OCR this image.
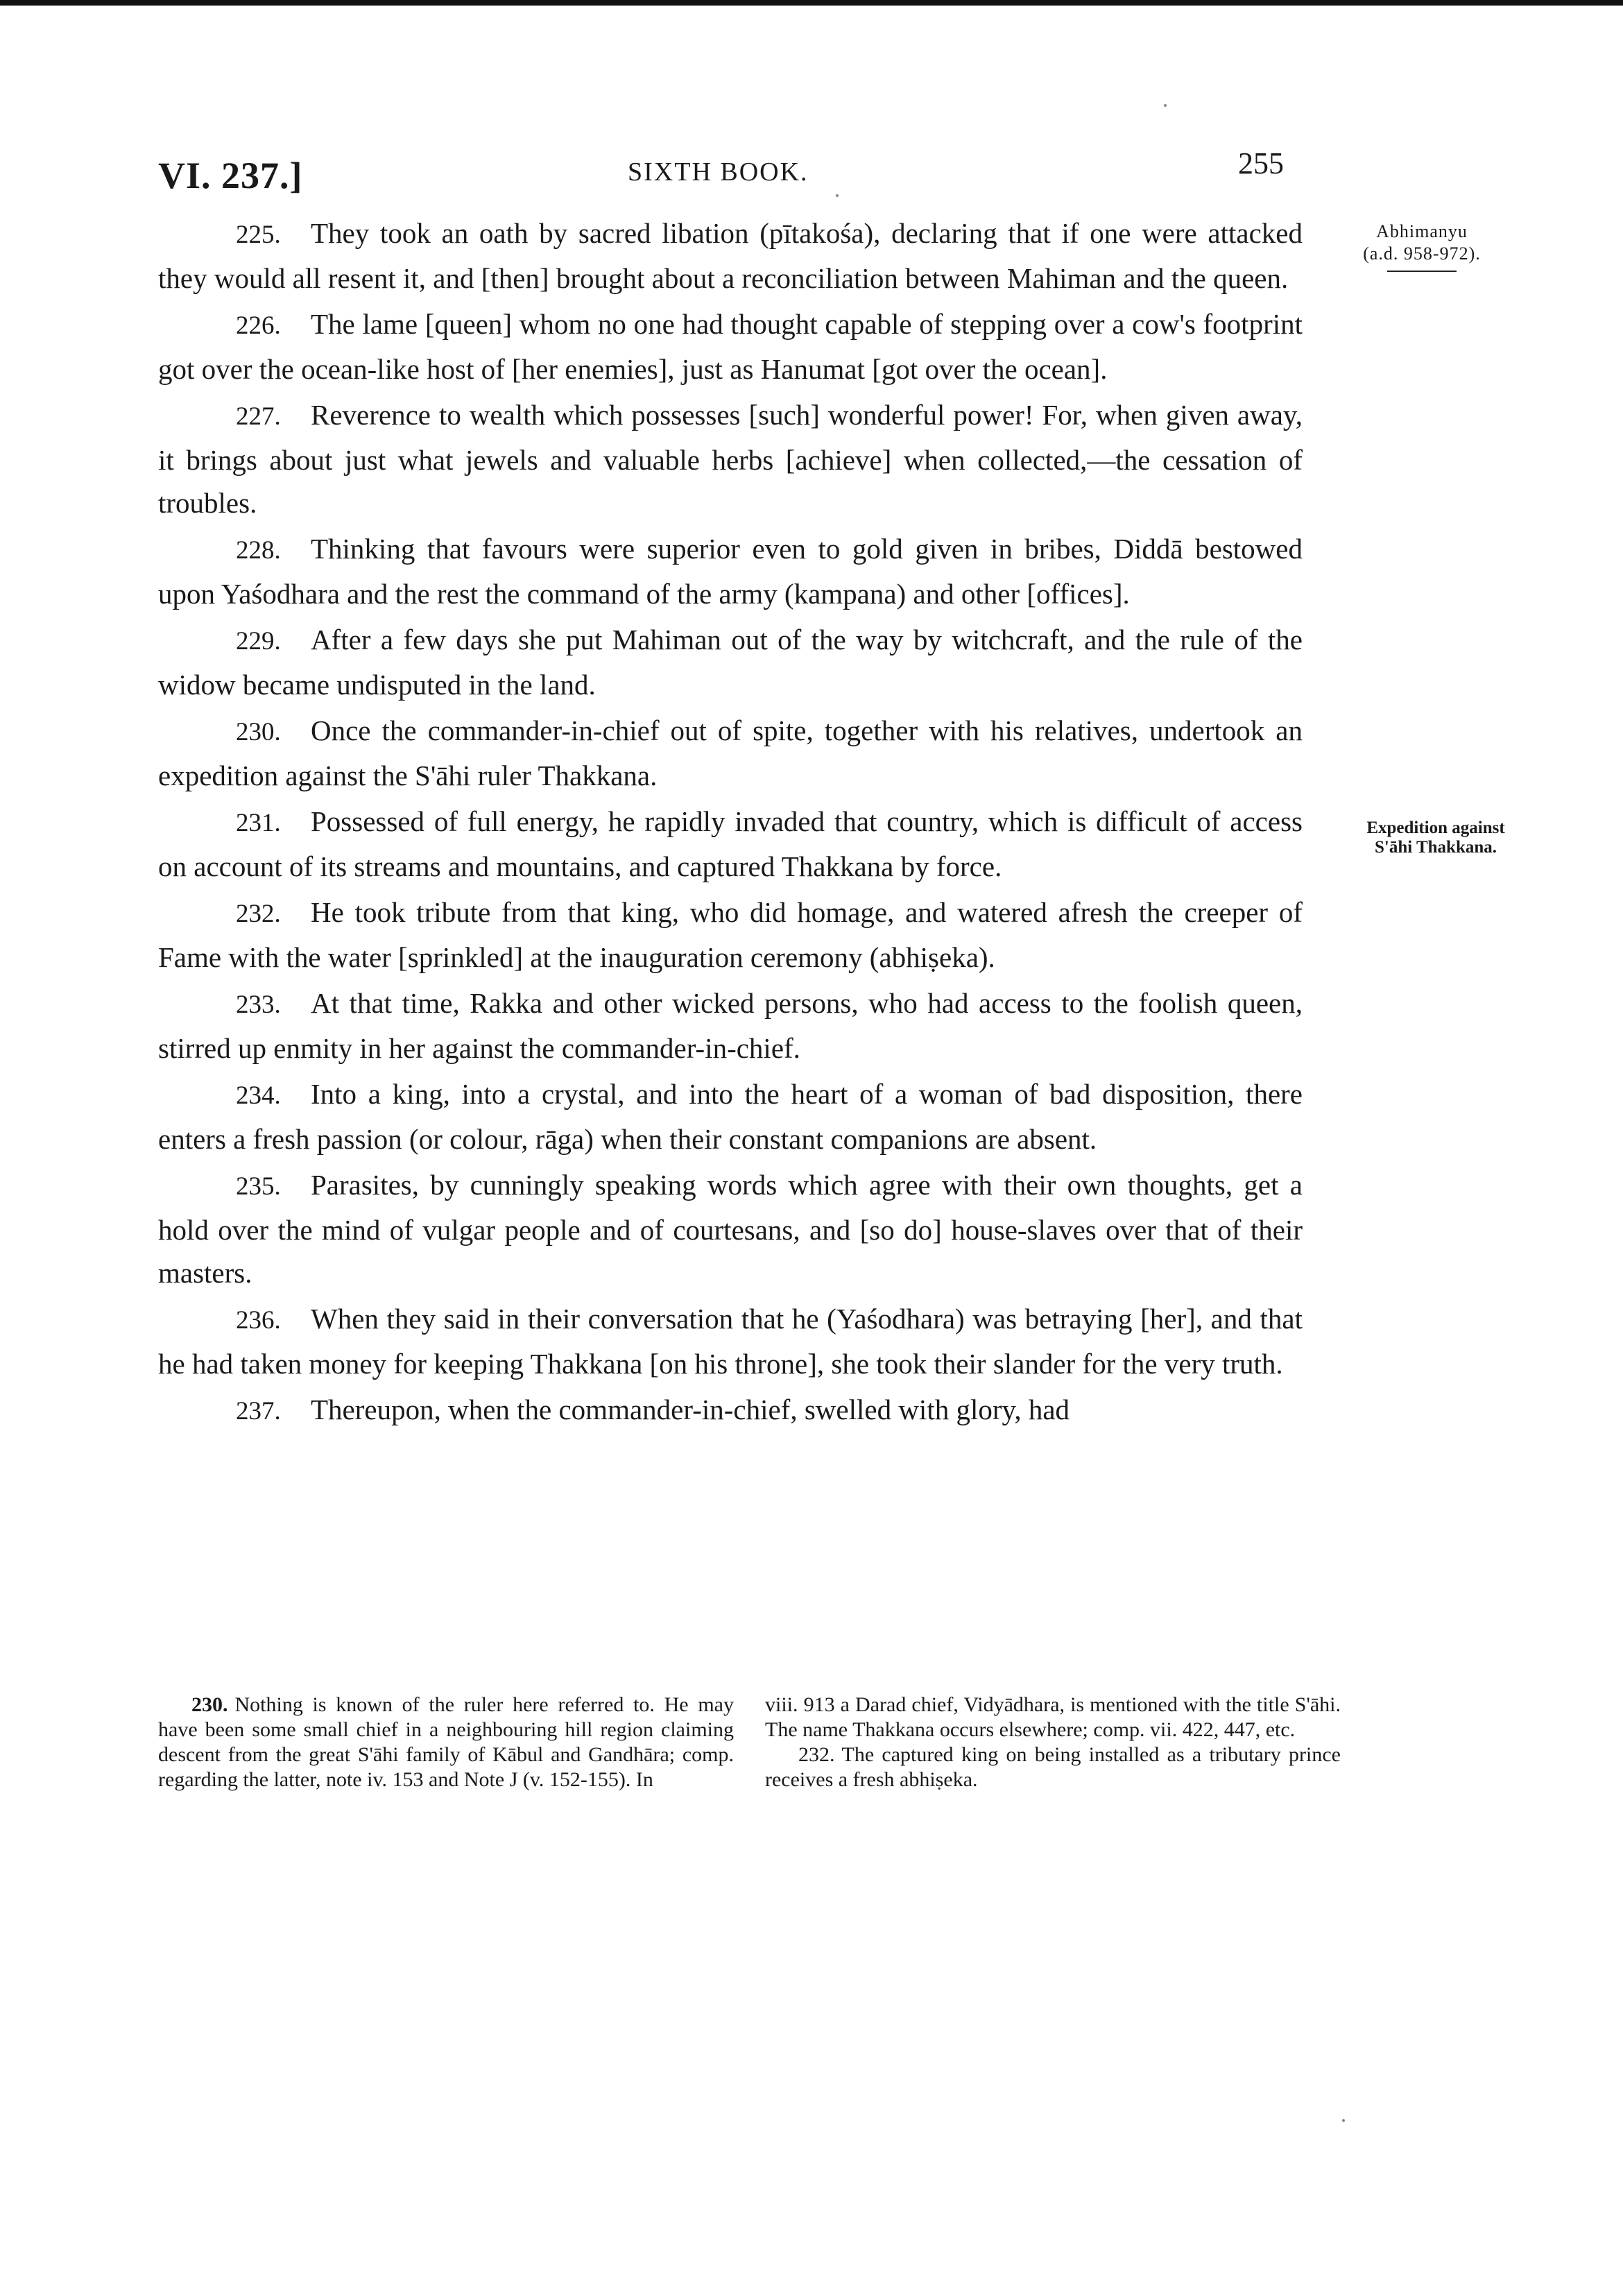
VI. 237.]	SIXTH BOOK.	255
Abhimanyu
(a.d. 958-972).
Expedition against
S'āhi Thakkana.

225. They took an oath by sacred libation (pītakośa), declaring that if one were attacked they would all resent it, and [then] brought about a reconciliation between Mahiman and the queen.

226. The lame [queen] whom no one had thought capable of stepping over a cow's footprint got over the ocean-like host of [her enemies], just as Hanumat [got over the ocean].

227. Reverence to wealth which possesses [such] wonderful power! For, when given away, it brings about just what jewels and valuable herbs [achieve] when collected,—the cessation of troubles.

228. Thinking that favours were superior even to gold given in bribes, Diddā bestowed upon Yaśodhara and the rest the command of the army (kampana) and other [offices].

229. After a few days she put Mahiman out of the way by witchcraft, and the rule of the widow became undisputed in the land.

230. Once the commander-in-chief out of spite, together with his relatives, undertook an expedition against the S'āhi ruler Thakkana.

231. Possessed of full energy, he rapidly invaded that country, which is difficult of access on account of its streams and mountains, and captured Thakkana by force.

232. He took tribute from that king, who did homage, and watered afresh the creeper of Fame with the water [sprinkled] at the inauguration ceremony (abhiṣeka).

233. At that time, Rakka and other wicked persons, who had access to the foolish queen, stirred up enmity in her against the commander-in-chief.

234. Into a king, into a crystal, and into the heart of a woman of bad disposition, there enters a fresh passion (or colour, rāga) when their constant companions are absent.

235. Parasites, by cunningly speaking words which agree with their own thoughts, get a hold over the mind of vulgar people and of courtesans, and [so do] house-slaves over that of their masters.

236. When they said in their conversation that he (Yaśodhara) was betraying [her], and that he had taken money for keeping Thakkana [on his throne], she took their slander for the very truth.

237. Thereupon, when the commander-in-chief, swelled with glory, had

230. Nothing is known of the ruler here referred to. He may have been some small chief in a neighbouring hill region claiming descent from the great S'āhi family of Kābul and Gandhāra; comp. regarding the latter, note iv. 153 and Note J (v. 152-155). In

viii. 913 a Darad chief, Vidyādhara, is mentioned with the title S'āhi. The name Thakkana occurs elsewhere; comp. vii. 422, 447, etc.

232. The captured king on being installed as a tributary prince receives a fresh abhiṣeka.
